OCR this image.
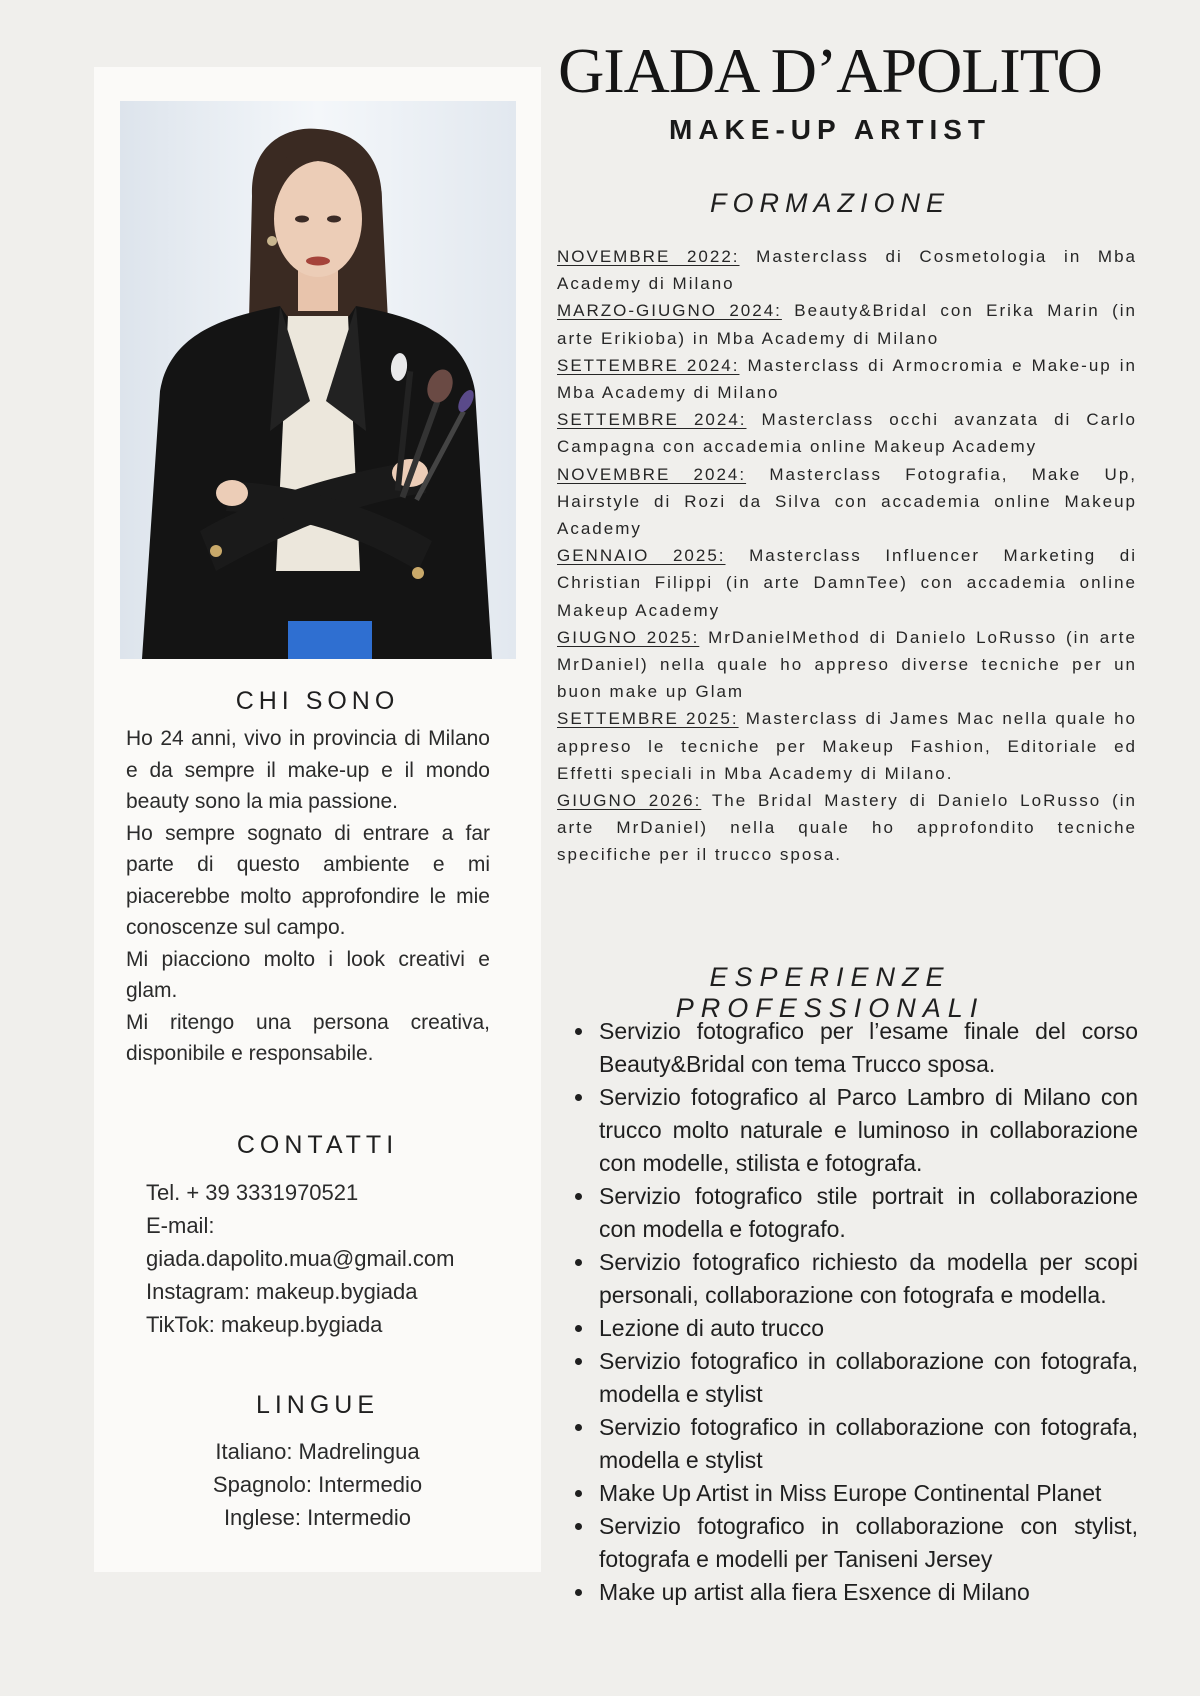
CHI SONO
Ho 24 anni, vivo in provincia di Milano e da sempre il make-up e il mondo beauty sono la mia passione.
Ho sempre sognato di entrare a far parte di questo ambiente e mi piacerebbe molto approfondire le mie conoscenze sul campo.
Mi piacciono molto i look creativi e glam.
Mi ritengo una persona creativa, disponibile e responsabile.
CONTATTI
Tel. + 39 3331970521
E-mail:
giada.dapolito.mua@gmail.com
Instagram: makeup.bygiada
TikTok: makeup.bygiada
LINGUE
Italiano: Madrelingua
Spagnolo: Intermedio
Inglese: Intermedio
GIADA D’APOLITO
MAKE-UP ARTIST
FORMAZIONE

NOVEMBRE 2022: Masterclass di Cosmetologia in Mba Academy di Milano

MARZO-GIUGNO 2024: Beauty&Bridal con Erika Marin (in arte Erikioba) in Mba Academy di Milano

SETTEMBRE 2024: Masterclass di Armocromia e Make-up in Mba Academy di Milano

SETTEMBRE 2024: Masterclass occhi avanzata di Carlo Campagna con accademia online Makeup Academy

NOVEMBRE 2024: Masterclass Fotografia, Make Up, Hairstyle di Rozi da Silva con accademia online Makeup Academy

GENNAIO 2025: Masterclass Influencer Marketing di Christian Filippi (in arte DamnTee) con accademia online Makeup Academy

GIUGNO 2025: MrDanielMethod di Danielo LoRusso (in arte MrDaniel) nella quale ho appreso diverse tecniche per un buon make up Glam

SETTEMBRE 2025: Masterclass di James Mac nella quale ho appreso le tecniche per Makeup Fashion, Editoriale ed Effetti speciali in Mba Academy di Milano.

GIUGNO 2026: The Bridal Mastery di Danielo LoRusso (in arte MrDaniel) nella quale ho approfondito tecniche specifiche per il trucco sposa.

ESPERIENZE PROFESSIONALI
Servizio fotografico per l’esame finale del corso Beauty&Bridal con tema Trucco sposa.
Servizio fotografico al Parco Lambro di Milano con trucco molto naturale e luminoso in collaborazione con modelle, stilista e fotografa.
Servizio fotografico stile portrait in collaborazione con modella e fotografo.
Servizio fotografico richiesto da modella per scopi personali, collaborazione con fotografa e modella.
Lezione di auto trucco
Servizio fotografico in collaborazione con fotografa, modella e stylist
Servizio fotografico in collaborazione con fotografa, modella e stylist
Make Up Artist in Miss Europe Continental Planet
Servizio fotografico in collaborazione con stylist, fotografa e modelli per Taniseni Jersey
Make up artist alla fiera Esxence di Milano
